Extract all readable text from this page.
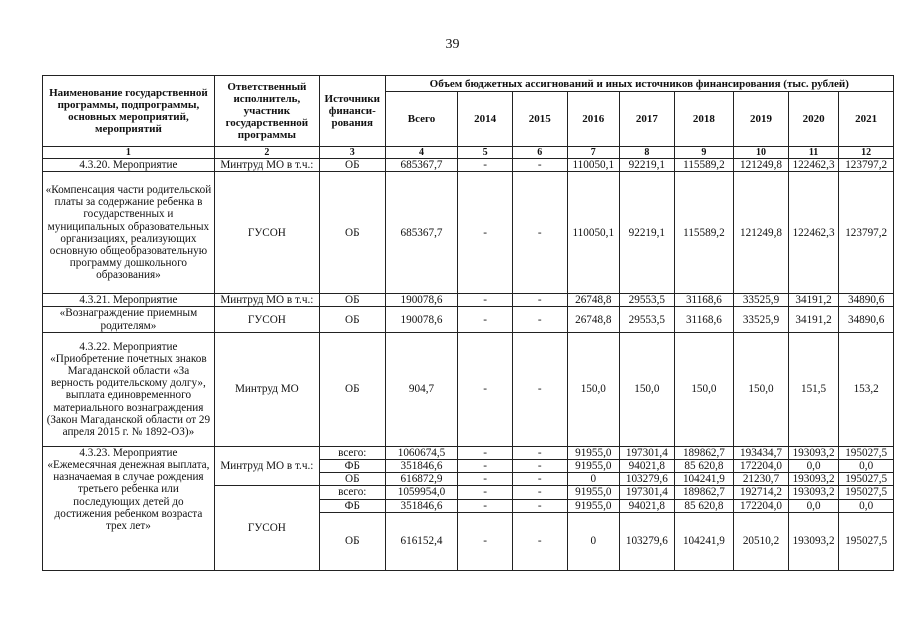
39
Наименование государственной программы, подпрограммы, основных мероприятий, мероприятий	Ответственный исполнитель, участник государственной программы	Источники финанси-рования	Объем бюджетных ассигнований и иных источников финансирования (тыс. рублей)								
			Всего	2014	2015	2016	2017	2018	2019	2020	2021
1	2	3	4	5	6	7	8	9	10	11	12
4.3.20. Мероприятие	Минтруд МО в т.ч.:	ОБ	685367,7	-	-	110050,1	92219,1	115589,2	121249,8	122462,3	123797,2
«Компенсация части родительской платы за содержание ребенка в государственных и муниципальных образовательных организациях, реализующих основную общеобразовательную программу дошкольного образования»	ГУСОН	ОБ	685367,7	-	-	110050,1	92219,1	115589,2	121249,8	122462,3	123797,2
4.3.21. Мероприятие	Минтруд МО в т.ч.:	ОБ	190078,6	-	-	26748,8	29553,5	31168,6	33525,9	34191,2	34890,6
«Вознаграждение приемным родителям»	ГУСОН	ОБ	190078,6	-	-	26748,8	29553,5	31168,6	33525,9	34191,2	34890,6
4.3.22. Мероприятие «Приобретение почетных знаков Магаданской области «За верность родительскому долгу», выплата единовременного материального вознаграждения (Закон Магаданской области от 29 апреля 2015 г. № 1892-ОЗ)»	Минтруд МО	ОБ	904,7	-	-	150,0	150,0	150,0	150,0	151,5	153,2
4.3.23. Мероприятие «Ежемесячная денежная выплата, назначаемая в случае рождения третьего ребенка или последующих детей до достижения ребенком возраста трех лет»	Минтруд МО в т.ч.:	всего:	1060674,5	-	-	91955,0	197301,4	189862,7	193434,7	193093,2	195027,5
		ФБ	351846,6	-	-	91955,0	94021,8	85 620,8	172204,0	0,0	0,0
		ОБ	616872,9	-	-	0	103279,6	104241,9	21230,7	193093,2	195027,5
	ГУСОН	всего:	1059954,0	-	-	91955,0	197301,4	189862,7	192714,2	193093,2	195027,5
		ФБ	351846,6	-	-	91955,0	94021,8	85 620,8	172204,0	0,0	0,0
		ОБ	616152,4	-	-	0	103279,6	104241,9	20510,2	193093,2	195027,5
